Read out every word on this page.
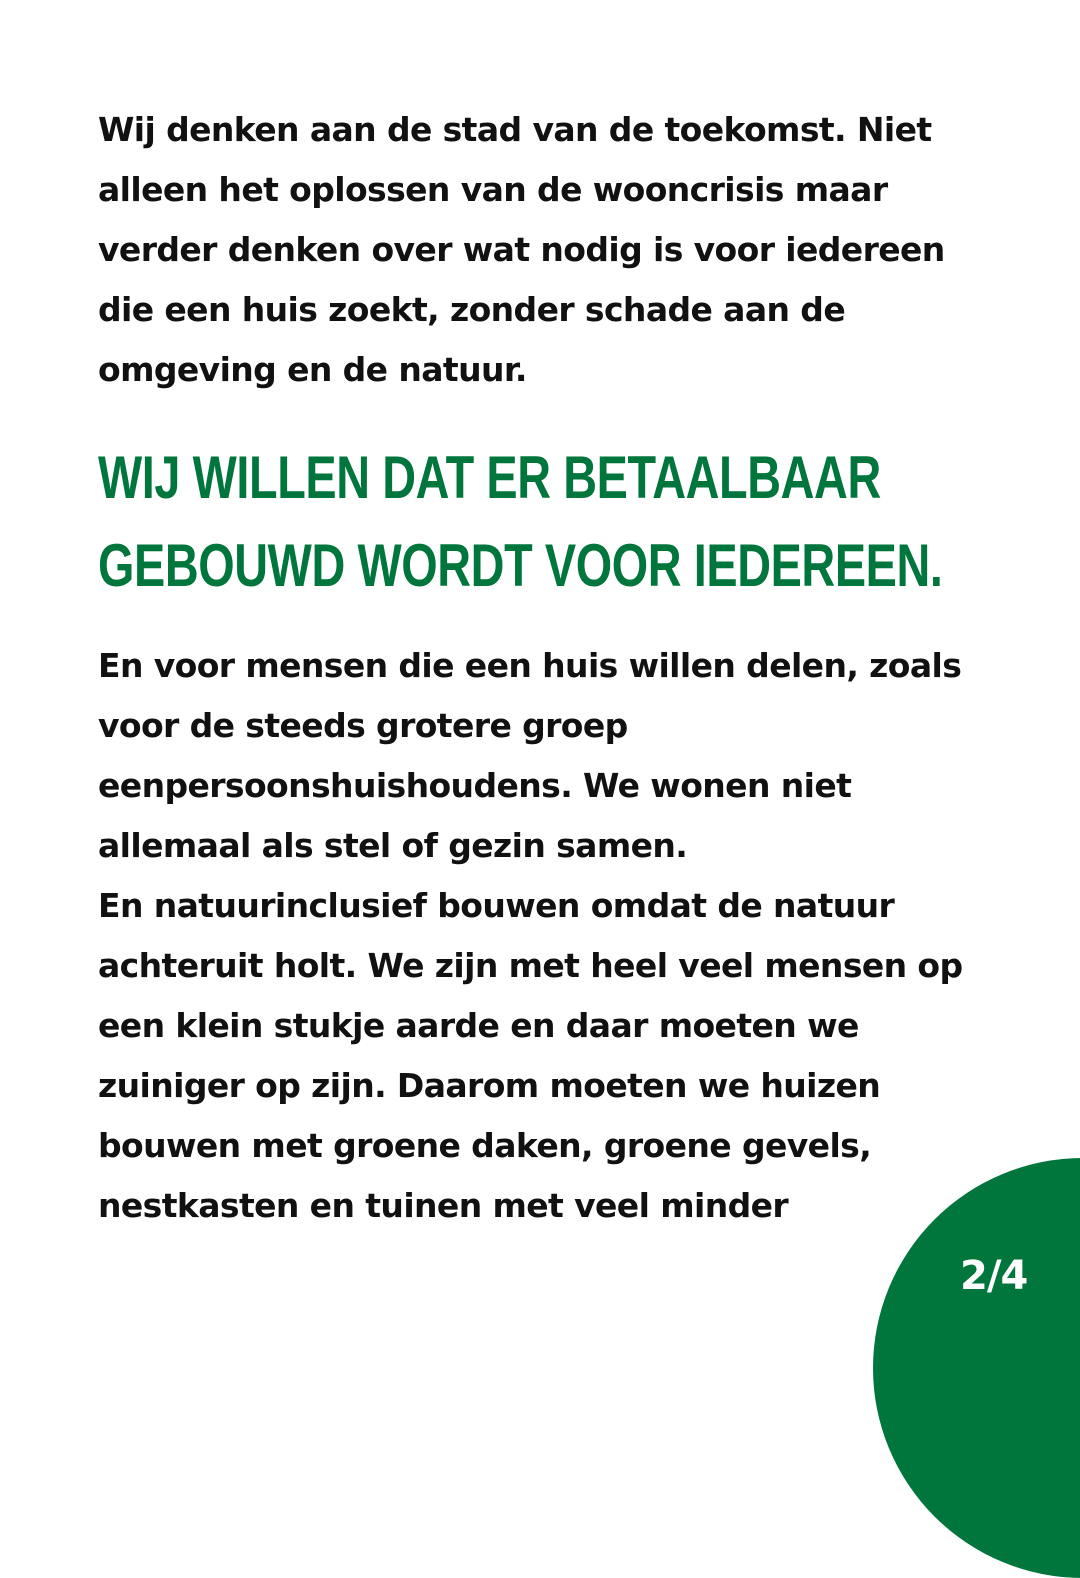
Wij denken aan de stad van de toekomst. Niet
alleen het oplossen van de wooncrisis maar
verder denken over wat nodig is voor iedereen
die een huis zoekt, zonder schade aan de
omgeving en de natuur.

WIJ WILLEN DAT ER BETAALBAAR
GEBOUWD WORDT VOOR IEDEREEN.

En voor mensen die een huis willen delen, zoals
voor de steeds grotere groep
eenpersoonshuishoudens. We wonen niet
allemaal als stel of gezin samen.
En natuurinclusief bouwen omdat de natuur
achteruit holt. We zijn met heel veel mensen op
een klein stukje aarde en daar moeten we
zuiniger op zijn. Daarom moeten we huizen
bouwen met groene daken, groene gevels,
nestkasten en tuinen met veel minder

2/4
